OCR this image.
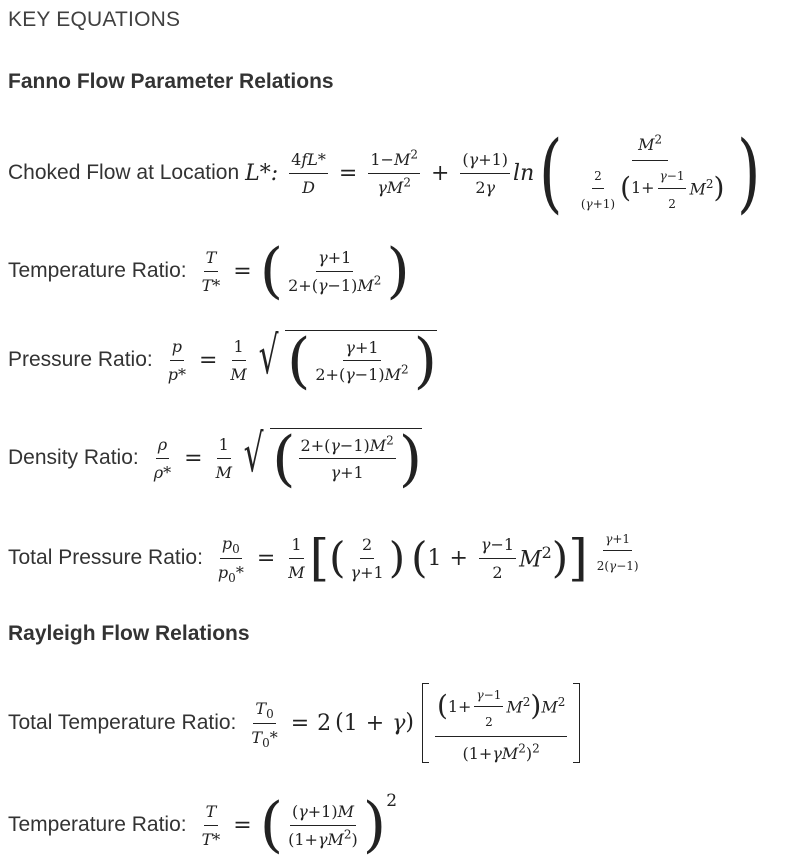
KEY EQUATIONS
Fanno Flow Parameter Relations
Choked Flow at Location L*: $\frac{4fL*}{D} = \frac{1-M^2}{\gamma M^2} + \frac{(\gamma+1)}{2\gamma}$ ln (	$M^2$
$\frac{2}{(\gamma+1)}$ ( $1+ \frac{\gamma-1}{2} M^2$ ) )
Temperature Ratio: $\frac{T}{T*}$ = ( $\frac{\gamma+1}{2+(\gamma-1)M^2}$ )
Pressure Ratio: $\frac{p}{p*} = \frac{1}{M}$ √ ( $\frac{\gamma+1}{2+(\gamma-1)M^2}$ )
Density Ratio: $\frac{\rho}{\rho*} = \frac{1}{M}$ √ ( $\frac{2+(\gamma-1)M^2}{\gamma+1}$ )
Total Pressure Ratio: $\frac{p_0}{p_0*} = \frac{1}{M}$ [ ( $\frac{2}{\gamma+1}$ ) ( $1 + \frac{\gamma-1}{2} M^2$ ) ] $\frac{\gamma+1}{2(\gamma-1)}$
Rayleigh Flow Relations
Total Temperature Ratio: $\frac{T_0}{T_0*} = 2$ ( 1 + γ )
( $1+ \frac{\gamma-1}{2} M^2$ ) $M^2$
$(1+\gamma M^2)^2$
Temperature Ratio: $\frac{T}{T*}$ = ( $\frac{(\gamma+1)M}{(1+\gamma M^2)}$ ) 2
